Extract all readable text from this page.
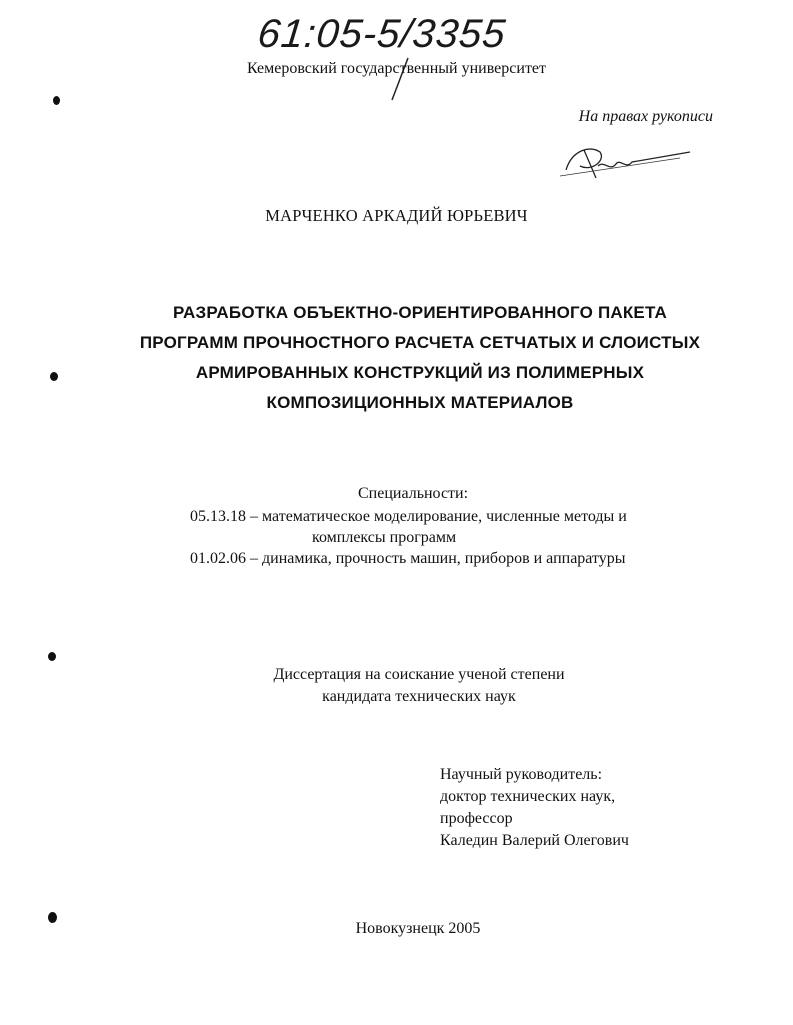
61:05-5/3355
Кемеровский государственный университет
На правах рукописи
МАРЧЕНКО АРКАДИЙ ЮРЬЕВИЧ
РАЗРАБОТКА ОБЪЕКТНО-ОРИЕНТИРОВАННОГО ПАКЕТА
ПРОГРАММ ПРОЧНОСТНОГО РАСЧЕТА СЕТЧАТЫХ И СЛОИСТЫХ
АРМИРОВАННЫХ КОНСТРУКЦИЙ ИЗ ПОЛИМЕРНЫХ
КОМПОЗИЦИОННЫХ МАТЕРИАЛОВ
Специальности:
05.13.18 – математическое моделирование, численные методы и
комплексы программ
01.02.06 – динамика, прочность машин, приборов и аппаратуры
Диссертация на соискание ученой степени
кандидата технических наук
Научный руководитель:
доктор технических наук,
профессор
Каледин Валерий Олегович
Новокузнецк 2005
